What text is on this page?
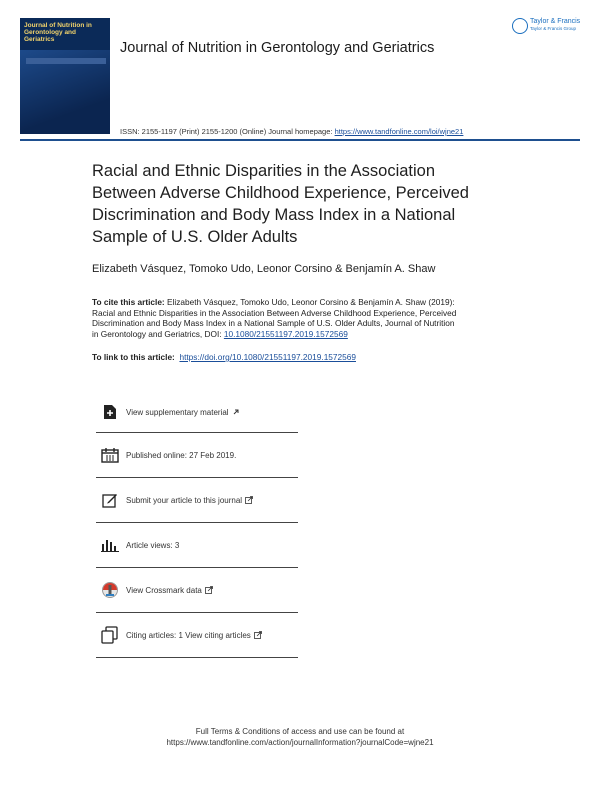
Journal of Nutrition in Gerontology and Geriatrics
Journal of Nutrition in Gerontology and Geriatrics
Taylor & Francis
Taylor & Francis Group
ISSN: 2155-1197 (Print) 2155-1200 (Online) Journal homepage: https://www.tandfonline.com/loi/wjne21
Racial and Ethnic Disparities in the Association
Between Adverse Childhood Experience, Perceived
Discrimination and Body Mass Index in a National
Sample of U.S. Older Adults
Elizabeth Vásquez, Tomoko Udo, Leonor Corsino & Benjamín A. Shaw
To cite this article: Elizabeth Vásquez, Tomoko Udo, Leonor Corsino & Benjamín A. Shaw (2019):
Racial and Ethnic Disparities in the Association Between Adverse Childhood Experience, Perceived
Discrimination and Body Mass Index in a National Sample of U.S. Older Adults, Journal of Nutrition
in Gerontology and Geriatrics, DOI: 10.1080/21551197.2019.1572569
To link to this article: https://doi.org/10.1080/21551197.2019.1572569
View supplementary material
Published online: 27 Feb 2019.
Submit your article to this journal
Article views: 3
View Crossmark data
Citing articles: 1 View citing articles
Full Terms & Conditions of access and use can be found at
https://www.tandfonline.com/action/journalInformation?journalCode=wjne21
